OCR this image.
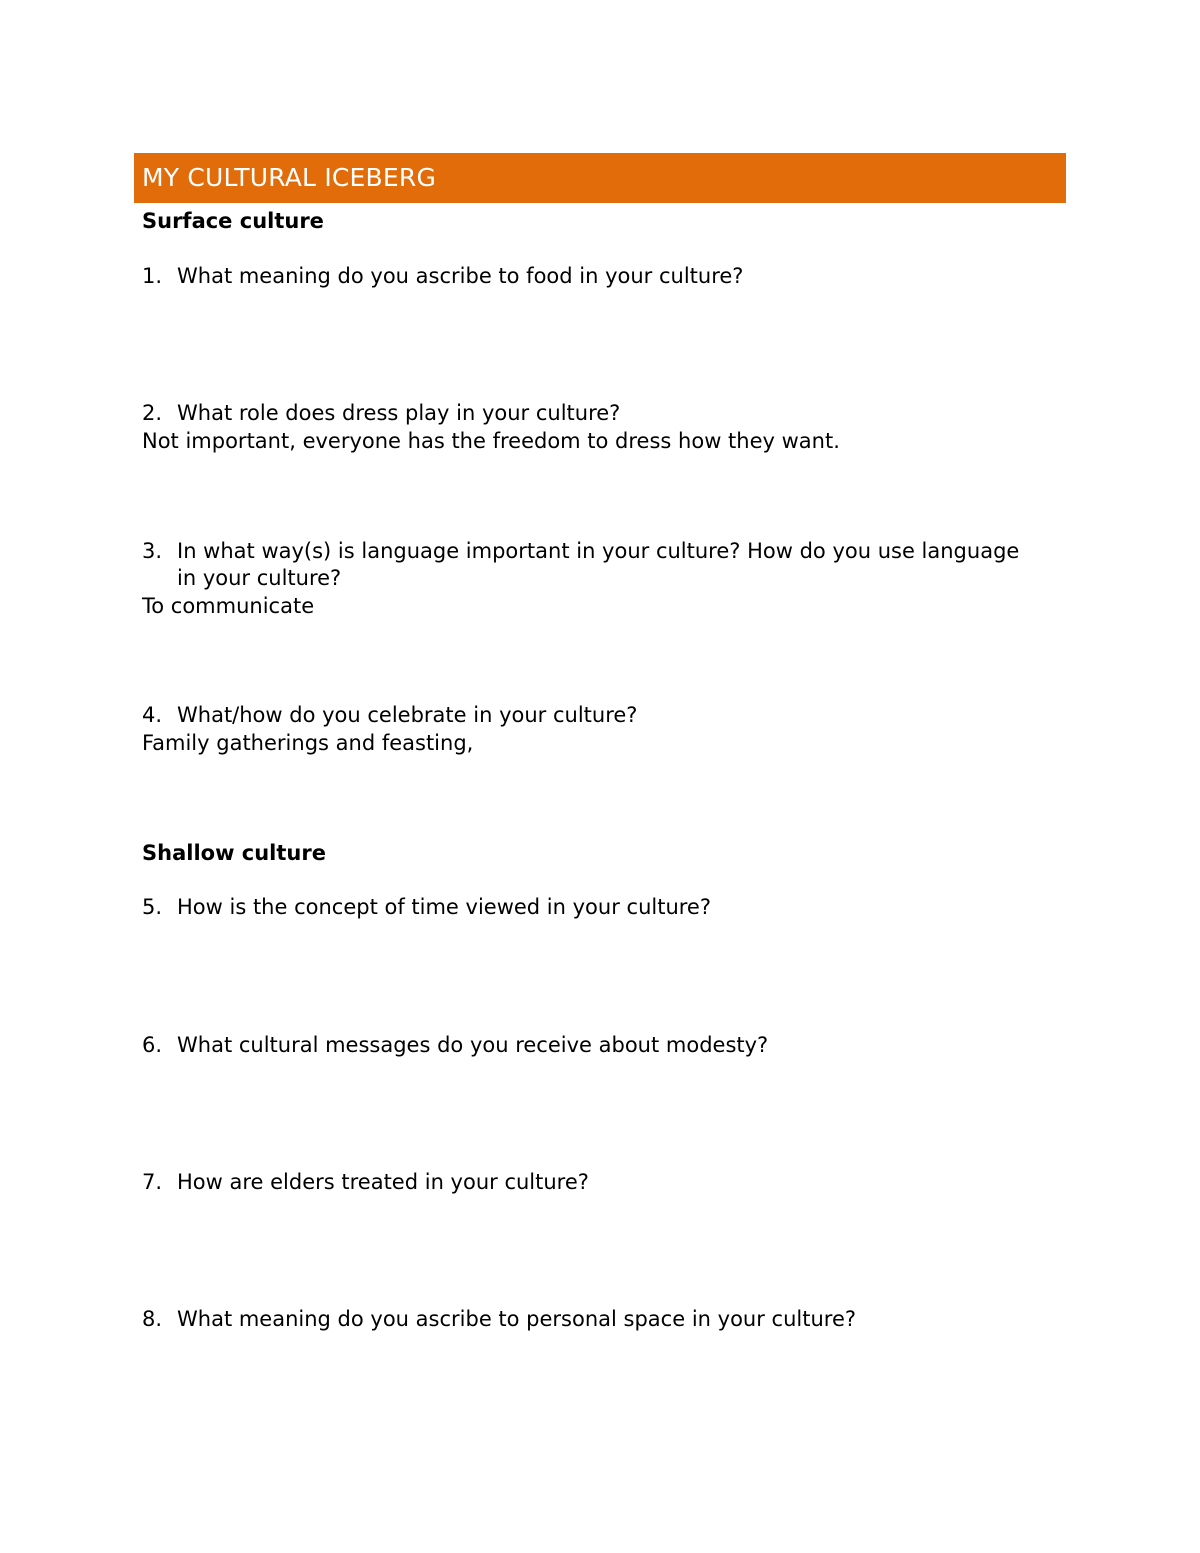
MY CULTURAL ICEBERG
Surface culture
1. What meaning do you ascribe to food in your culture?
2. What role does dress play in your culture?
Not important, everyone has the freedom to dress how they want.
3. In what way(s) is language important in your culture? How do you use language in your culture?
To communicate
4. What/how do you celebrate in your culture?
Family gatherings and feasting,
Shallow culture
5. How is the concept of time viewed in your culture?
6. What cultural messages do you receive about modesty?
7. How are elders treated in your culture?
8. What meaning do you ascribe to personal space in your culture?
